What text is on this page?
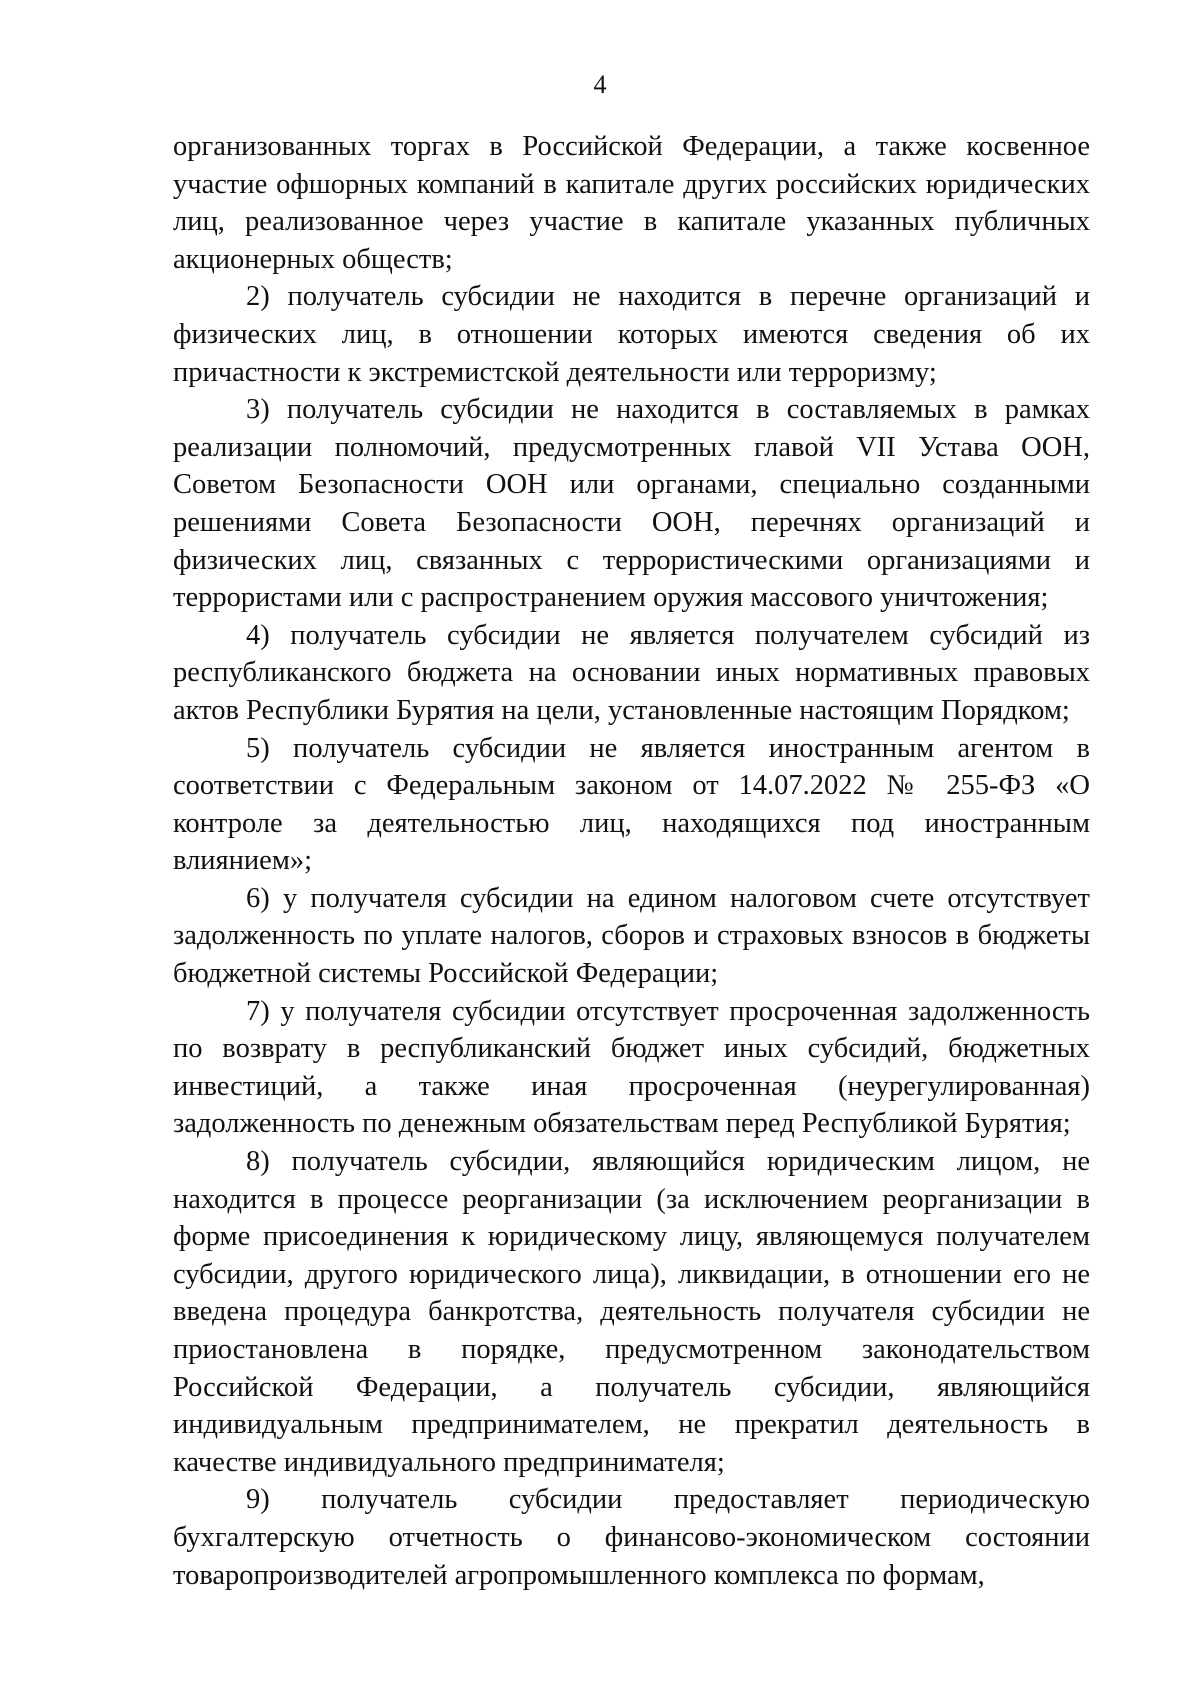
4

организованных торгах в Российской Федерации, а также косвенное участие офшорных компаний в капитале других российских юридических лиц, реализованное через участие в капитале указанных публичных акционерных обществ;

2) получатель субсидии не находится в перечне организаций и физических лиц, в отношении которых имеются сведения об их причастности к экстремистской деятельности или терроризму;

3) получатель субсидии не находится в составляемых в рамках реализации полномочий, предусмотренных главой VII Устава ООН, Советом Безопасности ООН или органами, специально созданными решениями Совета Безопасности ООН, перечнях организаций и физических лиц, связанных с террористическими организациями и террористами или с распространением оружия массового уничтожения;

4) получатель субсидии не является получателем субсидий из республиканского бюджета на основании иных нормативных правовых актов Республики Бурятия на цели, установленные настоящим Порядком;

5) получатель субсидии не является иностранным агентом в соответствии с Федеральным законом от 14.07.2022 № 255-ФЗ «О контроле за деятельностью лиц, находящихся под иностранным влиянием»;

6) у получателя субсидии на едином налоговом счете отсутствует задолженность по уплате налогов, сборов и страховых взносов в бюджеты бюджетной системы Российской Федерации;

7) у получателя субсидии отсутствует просроченная задолженность по возврату в республиканский бюджет иных субсидий, бюджетных инвестиций, а также иная просроченная (неурегулированная) задолженность по денежным обязательствам перед Республикой Бурятия;

8) получатель субсидии, являющийся юридическим лицом, не находится в процессе реорганизации (за исключением реорганизации в форме присоединения к юридическому лицу, являющемуся получателем субсидии, другого юридического лица), ликвидации, в отношении его не введена процедура банкротства, деятельность получателя субсидии не приостановлена в порядке, предусмотренном законодательством Российской Федерации, а получатель субсидии, являющийся индивидуальным предпринимателем, не прекратил деятельность в качестве индивидуального предпринимателя;

9) получатель субсидии предоставляет периодическую бухгалтерскую отчетность о финансово-экономическом состоянии товаропроизводителей агропромышленного комплекса по формам,
